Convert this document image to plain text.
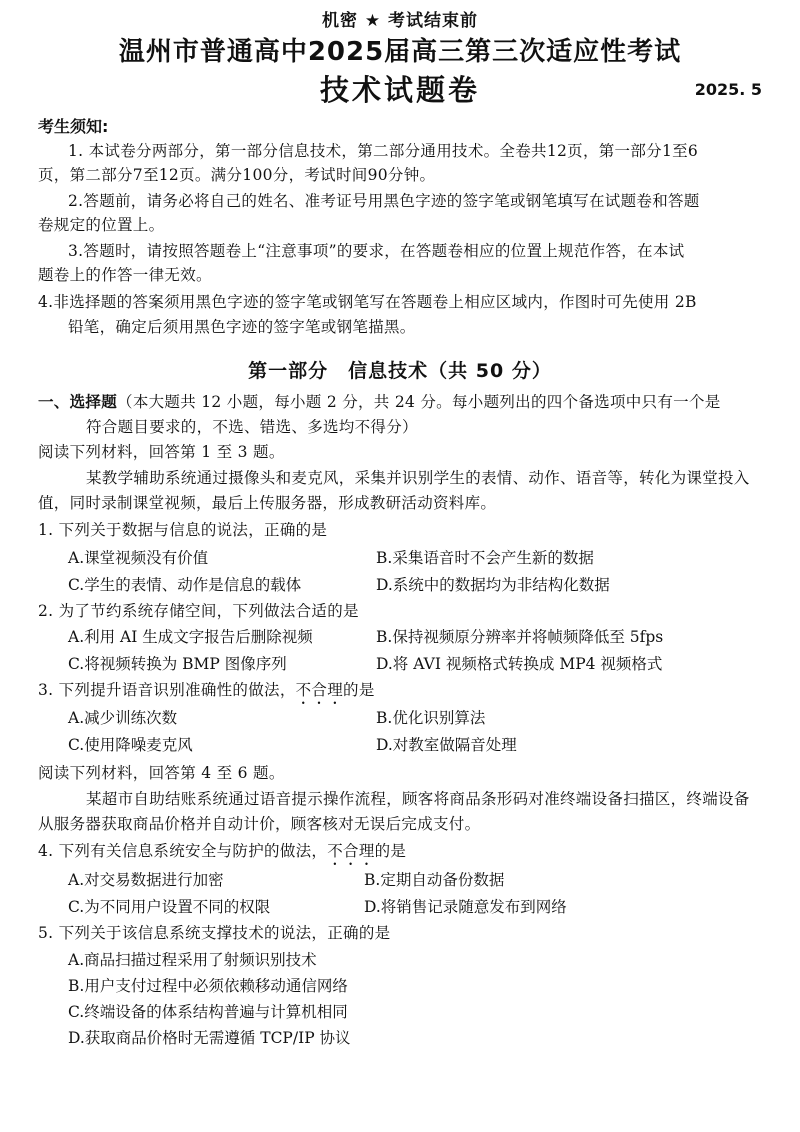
机密 ★ 考试结束前
温州市普通高中2025届高三第三次适应性考试
技术试题卷	2025. 5
考生须知:
1. 本试卷分两部分，第一部分信息技术，第二部分通用技术。全卷共12页，第一部分1至6
页，第二部分7至12页。满分100分，考试时间90分钟。
2.答题前，请务必将自己的姓名、准考证号用黑色字迹的签字笔或钢笔填写在试题卷和答题
卷规定的位置上。
3.答题时，请按照答题卷上“注意事项”的要求，在答题卷相应的位置上规范作答，在本试
题卷上的作答一律无效。
4.非选择题的答案须用黑色字迹的签字笔或钢笔写在答题卷上相应区域内，作图时可先使用 2B
铅笔，确定后须用黑色字迹的签字笔或钢笔描黑。
第一部分　信息技术（共 50 分）
一、选择题（本大题共 12 小题，每小题 2 分，共 24 分。每小题列出的四个备选项中只有一个是
符合题目要求的，不选、错选、多选均不得分）
阅读下列材料，回答第 1 至 3 题。
某教学辅助系统通过摄像头和麦克风，采集并识别学生的表情、动作、语音等，转化为课堂投入
值，同时录制课堂视频，最后上传服务器，形成教研活动资料库。
1. 下列关于数据与信息的说法，正确的是
A.课堂视频没有价值	B.采集语音时不会产生新的数据
C.学生的表情、动作是信息的载体	D.系统中的数据均为非结构化数据
2. 为了节约系统存储空间，下列做法合适的是
A.利用 AI 生成文字报告后删除视频	B.保持视频原分辨率并将帧频降低至 5fps
C.将视频转换为 BMP 图像序列	D.将 AVI 视频格式转换成 MP4 视频格式
3. 下列提升语音识别准确性的做法，不合理的是
A.减少训练次数	B.优化识别算法
C.使用降噪麦克风	D.对教室做隔音处理
阅读下列材料，回答第 4 至 6 题。
某超市自助结账系统通过语音提示操作流程，顾客将商品条形码对准终端设备扫描区，终端设备
从服务器获取商品价格并自动计价，顾客核对无误后完成支付。
4. 下列有关信息系统安全与防护的做法，不合理的是
A.对交易数据进行加密	B.定期自动备份数据
C.为不同用户设置不同的权限	D.将销售记录随意发布到网络
5. 下列关于该信息系统支撑技术的说法，正确的是
A.商品扫描过程采用了射频识别技术
B.用户支付过程中必须依赖移动通信网络
C.终端设备的体系结构普遍与计算机相同
D.获取商品价格时无需遵循 TCP/IP 协议
